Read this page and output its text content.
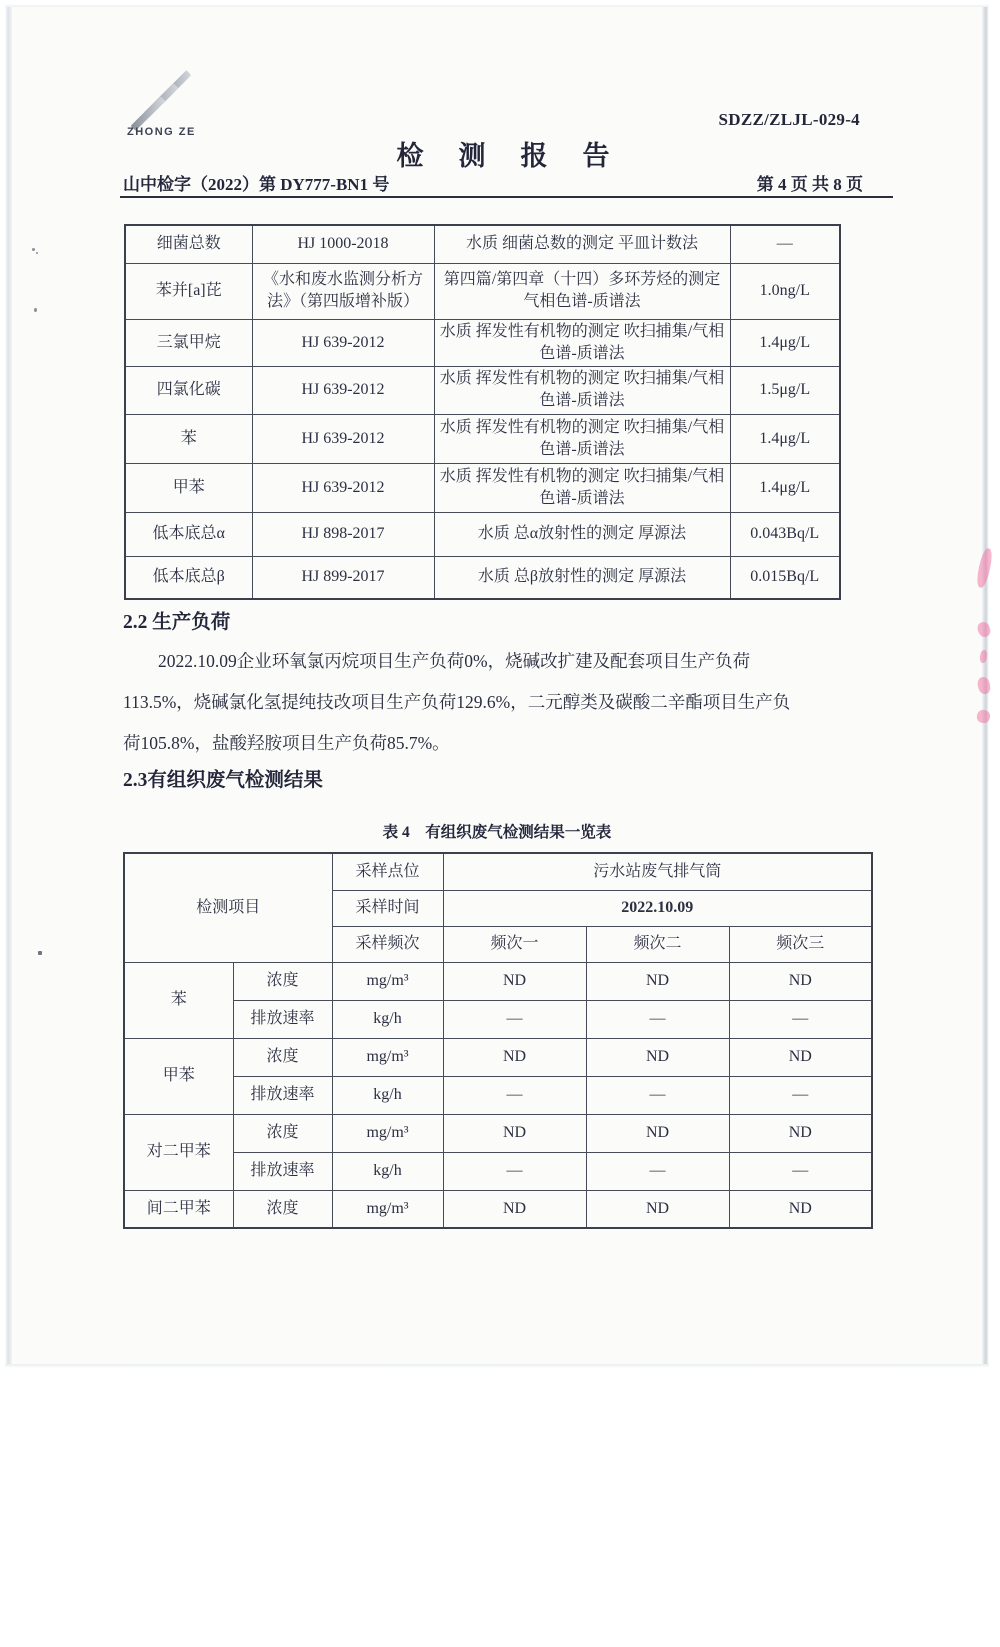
ZHONG ZE
SDZZ/ZLJL-029-4
检　测　报　告
山中检字（2022）第 DY777-BN1 号	第 4 页 共 8 页
细菌总数	HJ 1000-2018	水质 细菌总数的测定 平皿计数法	—
苯并[a]芘	《水和废水监测分析方法》（第四版增补版）	第四篇/第四章（十四）多环芳烃的测定 气相色谱-质谱法	1.0ng/L
三氯甲烷	HJ 639-2012	水质 挥发性有机物的测定 吹扫捕集/气相色谱-质谱法	1.4μg/L
四氯化碳	HJ 639-2012	水质 挥发性有机物的测定 吹扫捕集/气相色谱-质谱法	1.5μg/L
苯	HJ 639-2012	水质 挥发性有机物的测定 吹扫捕集/气相色谱-质谱法	1.4μg/L
甲苯	HJ 639-2012	水质 挥发性有机物的测定 吹扫捕集/气相色谱-质谱法	1.4μg/L
低本底总α	HJ 898-2017	水质 总α放射性的测定 厚源法	0.043Bq/L
低本底总β	HJ 899-2017	水质 总β放射性的测定 厚源法	0.015Bq/L
2.2 生产负荷
2022.10.09企业环氧氯丙烷项目生产负荷0%，烧碱改扩建及配套项目生产负荷
113.5%，烧碱氯化氢提纯技改项目生产负荷129.6%，二元醇类及碳酸二辛酯项目生产负
荷105.8%，盐酸羟胺项目生产负荷85.7%。
2.3有组织废气检测结果
表 4　有组织废气检测结果一览表
检测项目		采样点位	污水站废气排气筒		
		采样时间	2022.10.09		
		采样频次	频次一	频次二	频次三
苯	浓度	mg/m³	ND	ND	ND
	排放速率	kg/h	—	—	—
甲苯	浓度	mg/m³	ND	ND	ND
	排放速率	kg/h	—	—	—
对二甲苯	浓度	mg/m³	ND	ND	ND
	排放速率	kg/h	—	—	—
间二甲苯	浓度	mg/m³	ND	ND	ND
